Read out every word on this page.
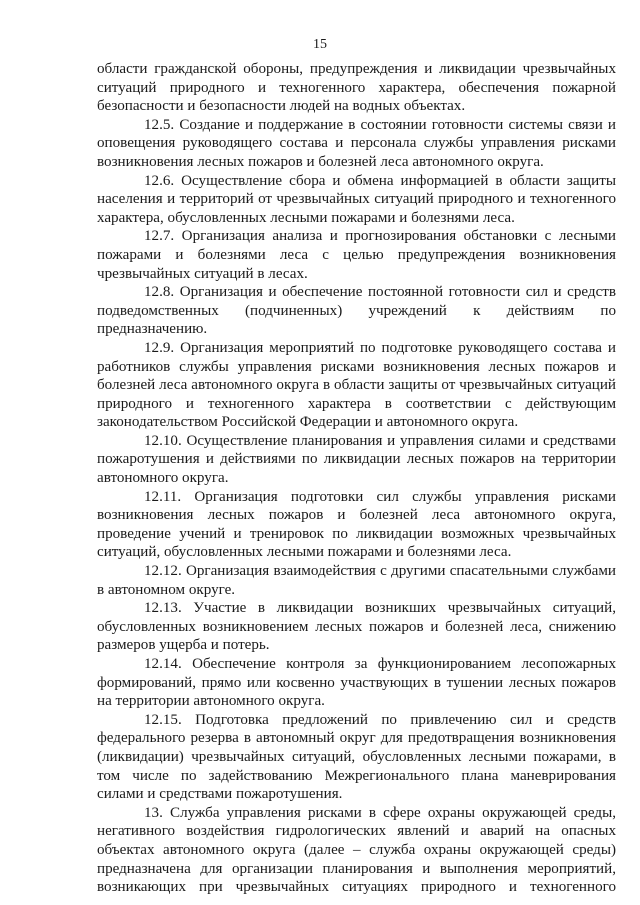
15

области гражданской обороны, предупреждения и ликвидации чрезвычайных ситуаций природного и техногенного характера, обеспечения пожарной безопасности и безопасности людей на водных объектах.

12.5. Создание и поддержание в состоянии готовности системы связи и оповещения руководящего состава и персонала службы управления рисками возникновения лесных пожаров и болезней леса автономного округа.

12.6. Осуществление сбора и обмена информацией в области защиты населения и территорий от чрезвычайных ситуаций природного и техногенного характера, обусловленных лесными пожарами и болезнями леса.

12.7. Организация анализа и прогнозирования обстановки с лесными пожарами и болезнями леса с целью предупреждения возникновения чрезвычайных ситуаций в лесах.

12.8. Организация и обеспечение постоянной готовности сил и средств подведомственных (подчиненных) учреждений к действиям по предназначению.

12.9. Организация мероприятий по подготовке руководящего состава и работников службы управления рисками возникновения лесных пожаров и болезней леса автономного округа в области защиты от чрезвычайных ситуаций природного и техногенного характера в соответствии с действующим законодательством Российской Федерации и автономного округа.

12.10. Осуществление планирования и управления силами и средствами пожаротушения и действиями по ликвидации лесных пожаров на территории автономного округа.

12.11. Организация подготовки сил службы управления рисками возникновения лесных пожаров и болезней леса автономного округа, проведение учений и тренировок по ликвидации возможных чрезвычайных ситуаций, обусловленных лесными пожарами и болезнями леса.

12.12. Организация взаимодействия с другими спасательными службами в автономном округе.

12.13. Участие в ликвидации возникших чрезвычайных ситуаций, обусловленных возникновением лесных пожаров и болезней леса, снижению размеров ущерба и потерь.

12.14. Обеспечение контроля за функционированием лесопожарных формирований, прямо или косвенно участвующих в тушении лесных пожаров на территории автономного округа.

12.15. Подготовка предложений по привлечению сил и средств федерального резерва в автономный округ для предотвращения возникновения (ликвидации) чрезвычайных ситуаций, обусловленных лесными пожарами, в том числе по задействованию Межрегионального плана маневрирования силами и средствами пожаротушения.

13. Служба управления рисками в сфере охраны окружающей среды, негативного воздействия гидрологических явлений и аварий на опасных объектах автономного округа (далее – служба охраны окружающей среды) предназначена для организации планирования и выполнения мероприятий, возникающих при чрезвычайных ситуациях природного и техногенного
